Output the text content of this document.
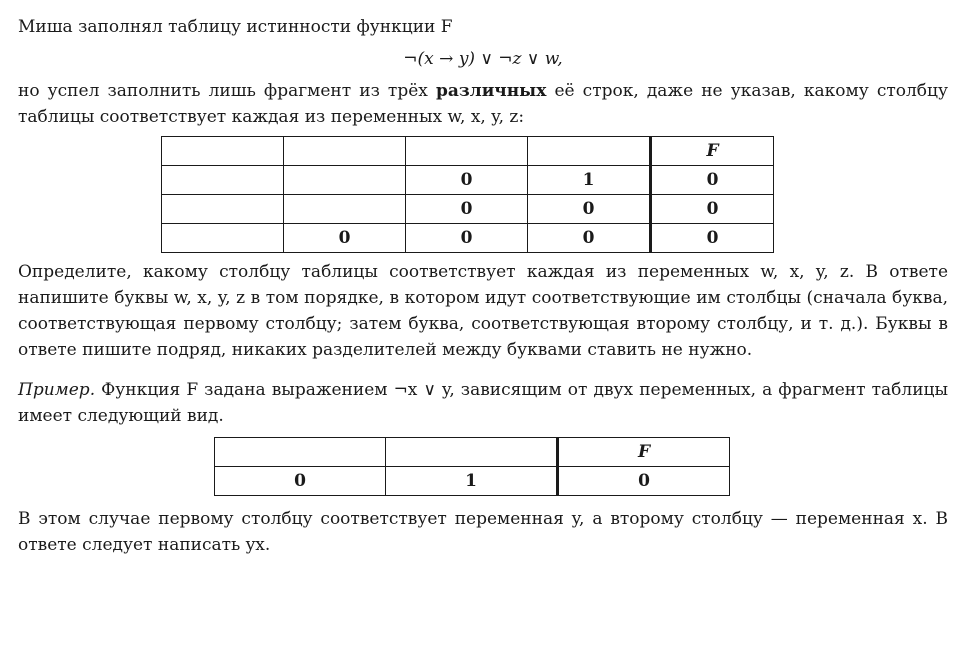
Миша заполнял таблицу истинности функции F

¬(x → y) ∨ ¬z ∨ w,

но успел заполнить лишь фрагмент из трёх различных её строк, даже не указав, какому столбцу таблицы соответствует каждая из переменных w, x, y, z:

				F
		0	1	0
		0	0	0
	0	0	0	0

Определите, какому столбцу таблицы соответствует каждая из переменных w, x, y, z. В ответе напишите буквы w, x, y, z в том порядке, в котором идут соответствующие им столбцы (сначала буква, соответствующая первому столбцу; затем буква, соответствующая второму столбцу, и т. д.). Буквы в ответе пишите подряд, никаких разделителей между буквами ставить не нужно.

Пример. Функция F задана выражением ¬x ∨ y, зависящим от двух переменных, а фрагмент таблицы имеет следующий вид.

		F
0	1	0

В этом случае первому столбцу соответствует переменная y, а второму столбцу — переменная x. В ответе следует написать yx.
